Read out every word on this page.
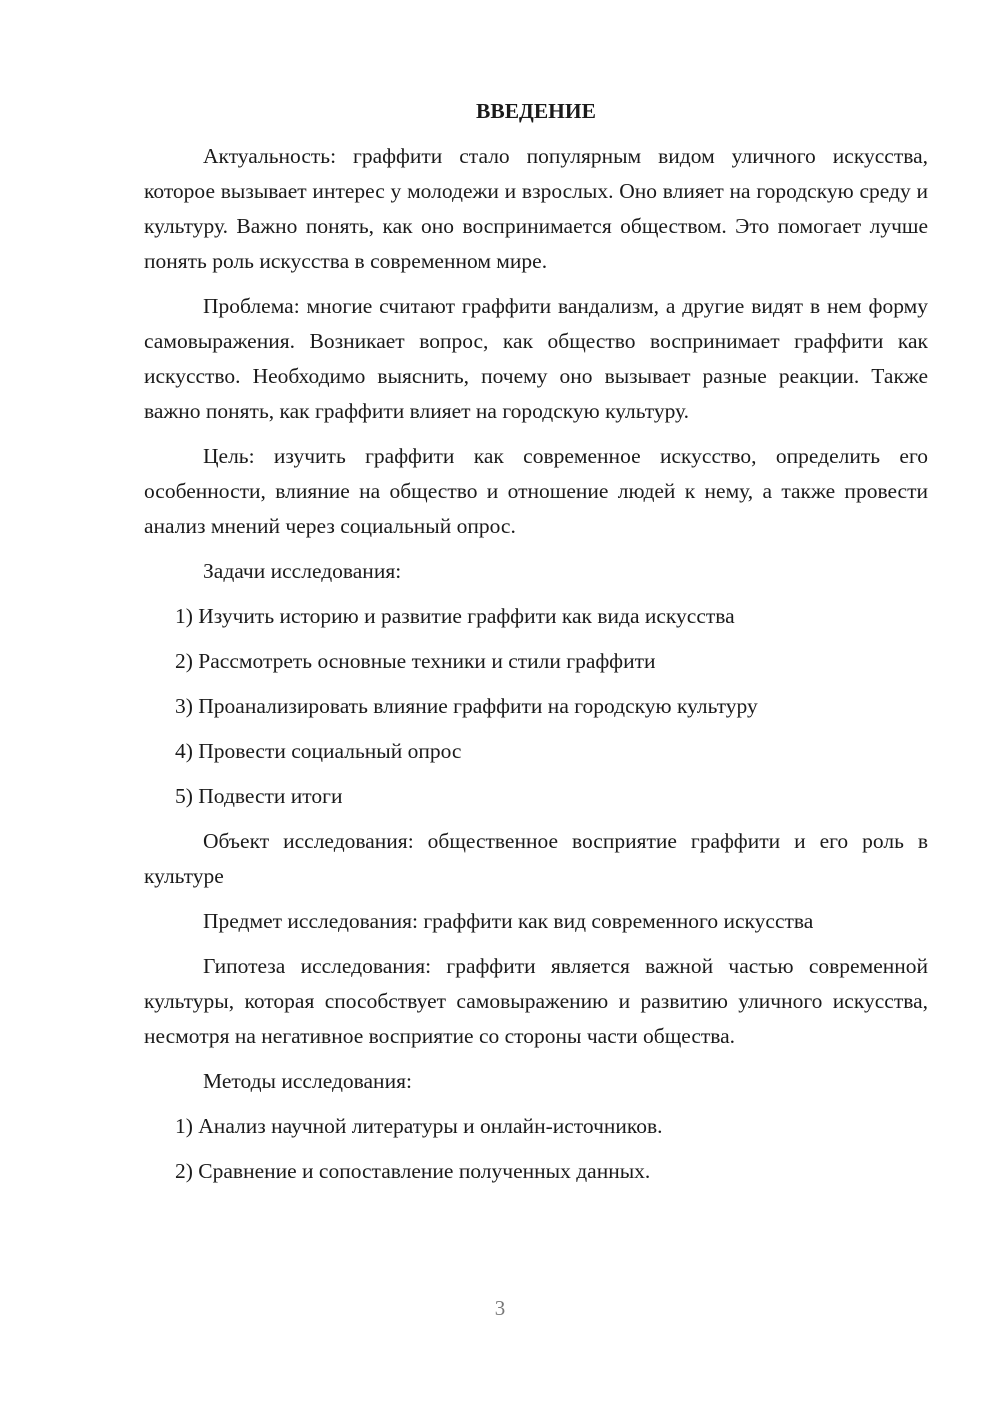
ВВЕДЕНИЕ
Актуальность: граффити стало популярным видом уличного искусства, которое вызывает интерес у молодежи и взрослых. Оно влияет на городскую среду и культуру. Важно понять, как оно воспринимается обществом. Это помогает лучше понять роль искусства в современном мире.
Проблема: многие считают граффити вандализм, а другие видят в нем форму самовыражения. Возникает вопрос, как общество воспринимает граффити как искусство. Необходимо выяснить, почему оно вызывает разные реакции. Также важно понять, как граффити влияет на городскую культуру.
Цель: изучить граффити как современное искусство, определить его особенности, влияние на общество и отношение людей к нему, а также провести анализ мнений через социальный опрос.
Задачи исследования:
1) Изучить историю и развитие граффити как вида искусства
2) Рассмотреть основные техники и стили граффити
3) Проанализировать влияние граффити на городскую культуру
4) Провести социальный опрос
5) Подвести итоги
Объект исследования: общественное восприятие граффити и его роль в культуре
Предмет исследования: граффити как вид современного искусства
Гипотеза исследования: граффити является важной частью современной культуры, которая способствует самовыражению и развитию уличного искусства, несмотря на негативное восприятие со стороны части общества.
Методы исследования:
1) Анализ научной литературы и онлайн-источников.
2) Сравнение и сопоставление полученных данных.
3
